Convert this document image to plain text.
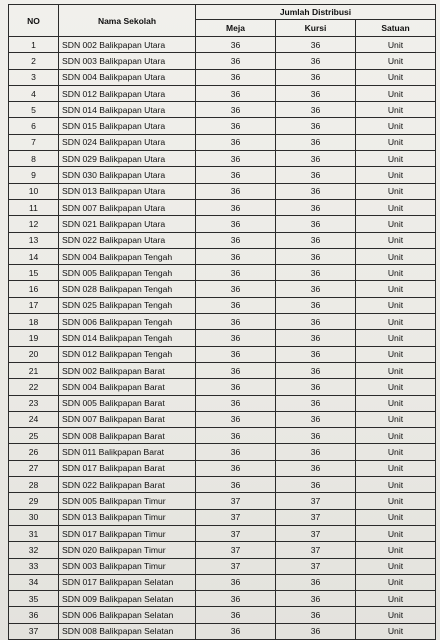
NO	Nama Sekolah	Jumlah Distribusi		
		Meja	Kursi	Satuan
1	SDN 002 Balikpapan Utara	36	36	Unit
2	SDN 003 Balikpapan Utara	36	36	Unit
3	SDN 004 Balikpapan Utara	36	36	Unit
4	SDN 012 Balikpapan Utara	36	36	Unit
5	SDN 014 Balikpapan Utara	36	36	Unit
6	SDN 015 Balikpapan Utara	36	36	Unit
7	SDN 024 Balikpapan Utara	36	36	Unit
8	SDN 029 Balikpapan Utara	36	36	Unit
9	SDN 030 Balikpapan Utara	36	36	Unit
10	SDN 013 Balikpapan Utara	36	36	Unit
11	SDN 007 Balikpapan Utara	36	36	Unit
12	SDN 021 Balikpapan Utara	36	36	Unit
13	SDN 022 Balikpapan Utara	36	36	Unit
14	SDN 004 Balikpapan Tengah	36	36	Unit
15	SDN 005 Balikpapan Tengah	36	36	Unit
16	SDN 028 Balikpapan Tengah	36	36	Unit
17	SDN 025 Balikpapan Tengah	36	36	Unit
18	SDN 006 Balikpapan Tengah	36	36	Unit
19	SDN 014 Balikpapan Tengah	36	36	Unit
20	SDN 012 Balikpapan Tengah	36	36	Unit
21	SDN 002 Balikpapan Barat	36	36	Unit
22	SDN 004 Balikpapan Barat	36	36	Unit
23	SDN 005 Balikpapan Barat	36	36	Unit
24	SDN 007 Balikpapan Barat	36	36	Unit
25	SDN 008 Balikpapan Barat	36	36	Unit
26	SDN 011 Balikpapan Barat	36	36	Unit
27	SDN 017 Balikpapan Barat	36	36	Unit
28	SDN 022 Balikpapan Barat	36	36	Unit
29	SDN 005 Balikpapan Timur	37	37	Unit
30	SDN 013 Balikpapan Timur	37	37	Unit
31	SDN 017 Balikpapan Timur	37	37	Unit
32	SDN 020 Balikpapan Timur	37	37	Unit
33	SDN 003 Balikpapan Timur	37	37	Unit
34	SDN 017 Balikpapan Selatan	36	36	Unit
35	SDN 009 Balikpapan Selatan	36	36	Unit
36	SDN 006 Balikpapan Selatan	36	36	Unit
37	SDN 008 Balikpapan Selatan	36	36	Unit
